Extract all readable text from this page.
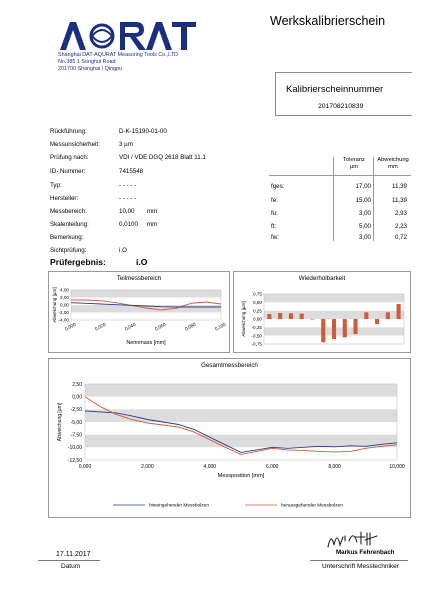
Shanghai DAT-AQURAT Measuring Tools Co.,LTD
No.385 1 Songhui Road
201700 Shanghai / Qingpu
Werkskalibrierschein
Kalibrierscheinnummer
201708210839
Rückführung:	D-K-15190-01-00
Messunsicherheit:	3 µm
Prüfung nach:	VDI / VDE DGQ 2618 Blatt 11.1
ID- Nummer:	7415548
Typ:	- - - - -
Hersteller:	- - - - -
Messbereich:	10,00 mm
Skalenteilung:	0,0100 mm
Bemerkung:
Sichtprüfung:	i.O
Toleranz
µm
Abweichung
mm
fges:	17,00	11,39
fe:	15,00	11,39
fu:	3,00	2,93
ft:	5,00	2,23
fw:	3,00	0,72
Prüfergebnis:	i.O
Teilmessbereich
4,00
2,00
0,00
-2,00
-4,00
0,000	0,020	0,040	0,060	0,080	0,100
Nennmass [mm]
Abweichung [µm]
Wiederholbarkeit
0,75
0,50
0,25
0,00
-0,25
-0,50
-0,75
Abweichung [µm]
Gesamtmessbereich
2,50
0,00
-2,50
-5,00
-7,50
-10,00
-12,50
0,000	2,000	4,000	6,000	8,000	10,000
Messposition [mm]
Abweichung [µm]
hineingehender Messbolzen	herausgehender Messbolzen
17.11.2017
Datum
Markus Fehrenbach
Unterschrift Messtechniker
